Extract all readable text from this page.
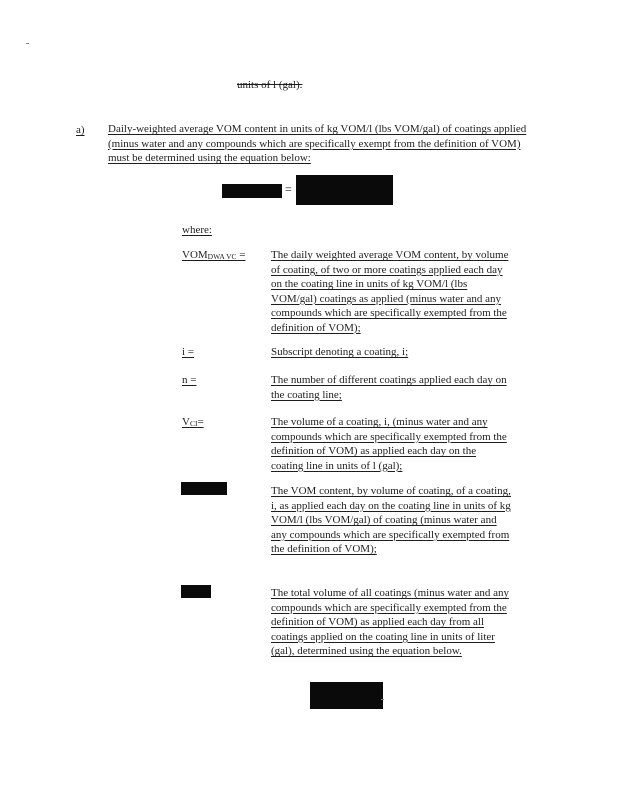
units of l (gal).
a) Daily-weighted average VOM content in units of kg VOM/l (lbs VOM/gal) of coatings applied (minus water and any compounds which are specifically exempt from the definition of VOM) must be determined using the equation below:
=
where:
VOMDWA VC = The daily weighted average VOM content, by volume of coating, of two or more coatings applied each day on the coating line in units of kg VOM/l (lbs VOM/gal) coatings as applied (minus water and any compounds which are specifically exempted from the definition of VOM);
i =	Subscript denoting a coating, i;
n =	The number of different coatings applied each day on the coating line;
VCI=	The volume of a coating, i, (minus water and any compounds which are specifically exempted from the definition of VOM) as applied each day on the coating line in units of l (gal);
The VOM content, by volume of coating, of a coating, i, as applied each day on the coating line in units of kg VOM/l (lbs VOM/gal) of coating (minus water and any compounds which are specifically exempted from the definition of VOM);
The total volume of all coatings (minus water and any compounds which are specifically exempted from the definition of VOM) as applied each day from all coatings applied on the coating line in units of liter (gal), determined using the equation below.
